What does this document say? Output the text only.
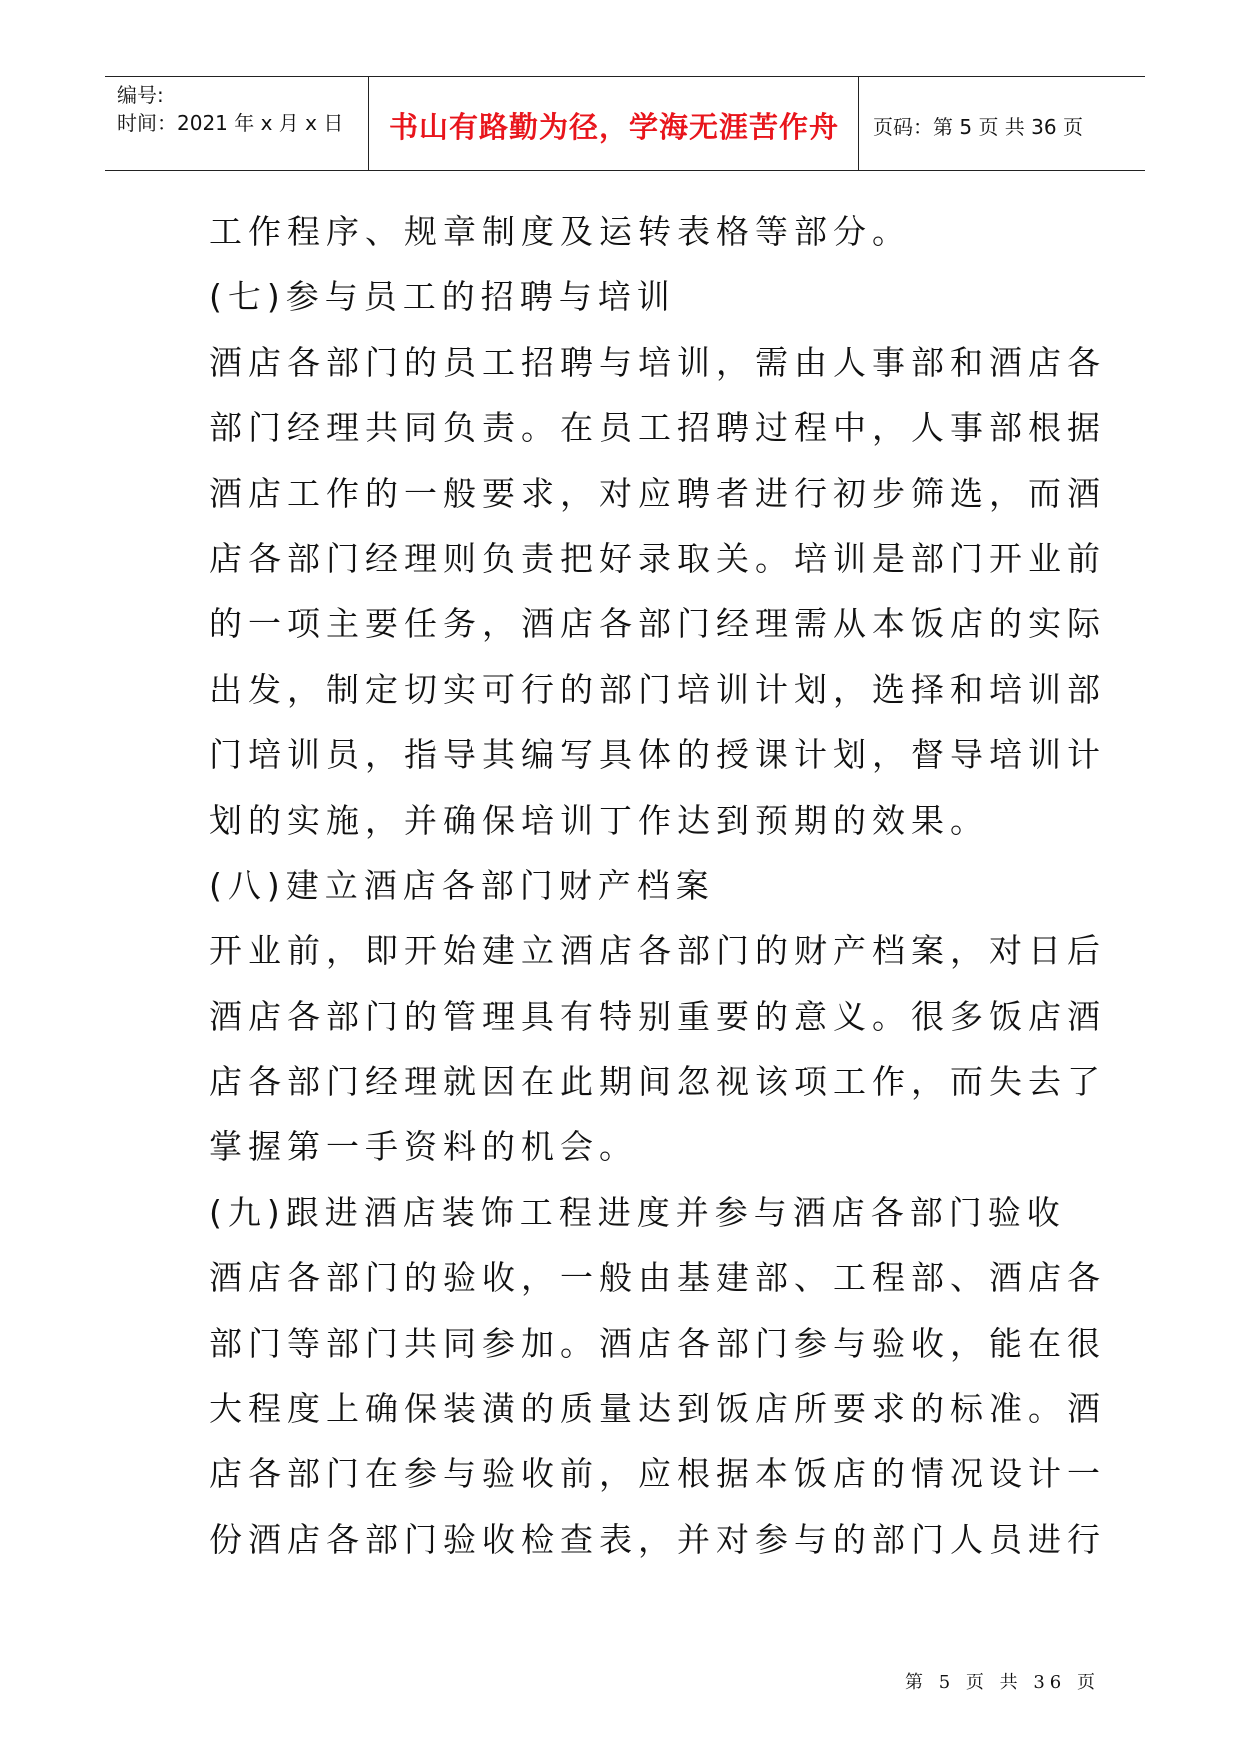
编号:
时间：2021 年 x 月 x 日	书山有路勤为径，学海无涯苦作舟	页码：第 5 页 共 36 页
工作程序、规章制度及运转表格等部分。
(七)参与员工的招聘与培训
酒店各部门的员工招聘与培训，需由人事部和酒店各
部门经理共同负责。在员工招聘过程中，人事部根据
酒店工作的一般要求，对应聘者进行初步筛选，而酒
店各部门经理则负责把好录取关。培训是部门开业前
的一项主要任务，酒店各部门经理需从本饭店的实际
出发，制定切实可行的部门培训计划，选择和培训部
门培训员，指导其编写具体的授课计划，督导培训计
划的实施，并确保培训丁作达到预期的效果。
(八)建立酒店各部门财产档案
开业前，即开始建立酒店各部门的财产档案，对日后
酒店各部门的管理具有特别重要的意义。很多饭店酒
店各部门经理就因在此期间忽视该项工作，而失去了
掌握第一手资料的机会。
(九)跟进酒店装饰工程进度并参与酒店各部门验收
酒店各部门的验收，一般由基建部、工程部、酒店各
部门等部门共同参加。酒店各部门参与验收，能在很
大程度上确保装潢的质量达到饭店所要求的标准。酒
店各部门在参与验收前，应根据本饭店的情况设计一
份酒店各部门验收检查表，并对参与的部门人员进行
第 5 页 共 36 页
